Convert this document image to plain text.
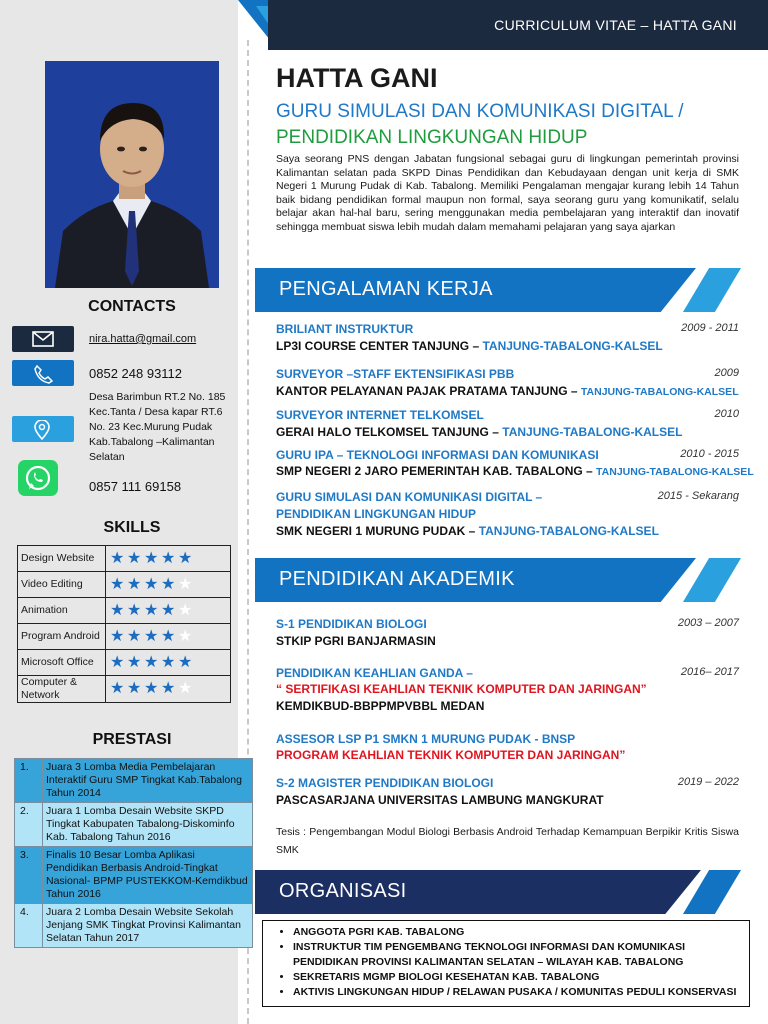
CONTACTS
nira.hatta@gmail.com
0852 248 93112
Desa Barimbun RT.2 No. 185 Kec.Tanta / Desa kapar RT.6 No. 23 Kec.Murung Pudak Kab.Tabalong –Kalimantan Selatan
0857 111 69158
SKILLS
Design Website	★ ★ ★ ★ ★
Video Editing	★ ★ ★ ★ ★
Animation	★ ★ ★ ★ ★
Program Android	★ ★ ★ ★ ★
Microsoft Office	★ ★ ★ ★ ★
Computer & Network	★ ★ ★ ★ ★
PRESTASI
1.	Juara 3 Lomba Media Pembelajaran Interaktif Guru SMP Tingkat Kab.Tabalong Tahun 2014
2.	Juara 1 Lomba Desain Website SKPD Tingkat Kabupaten Tabalong-Diskominfo Kab. Tabalong Tahun 2016
3.	Finalis 10 Besar Lomba Aplikasi Pendidikan Berbasis Android-Tingkat Nasional- BPMP PUSTEKKOM-Kemdikbud Tahun 2016
4.	Juara 2 Lomba Desain Website Sekolah Jenjang SMK Tingkat Provinsi Kalimantan Selatan Tahun 2017
CURRICULUM VITAE – HATTA GANI
HATTA GANI
GURU SIMULASI DAN KOMUNIKASI DIGITAL /
PENDIDIKAN LINGKUNGAN HIDUP
Saya seorang PNS dengan Jabatan fungsional sebagai guru di lingkungan pemerintah provinsi Kalimantan selatan pada SKPD Dinas Pendidikan dan Kebudayaan dengan unit kerja di SMK Negeri 1 Murung Pudak di Kab. Tabalong. Memiliki Pengalaman mengajar kurang lebih 14 Tahun baik bidang pendidikan formal maupun non formal, saya seorang guru yang komunikatif, selalu belajar akan hal-hal baru, sering menggunakan media pembelajaran yang interaktif dan inovatif sehingga membuat siswa lebih mudah dalam memahami pelajaran yang saya ajarkan
PENGALAMAN KERJA
BRILIANT INSTRUKTUR	2009 - 2011
LP3I COURSE CENTER TANJUNG – TANJUNG-TABALONG-KALSEL
SURVEYOR –STAFF EKTENSIFIKASI PBB	2009
KANTOR PELAYANAN PAJAK PRATAMA TANJUNG – TANJUNG-TABALONG-KALSEL
SURVEYOR INTERNET TELKOMSEL	2010
GERAI HALO TELKOMSEL TANJUNG – TANJUNG-TABALONG-KALSEL
GURU IPA – TEKNOLOGI INFORMASI DAN KOMUNIKASI	2010 - 2015
SMP NEGERI 2 JARO PEMERINTAH KAB. TABALONG – TANJUNG-TABALONG-KALSEL
GURU SIMULASI DAN KOMUNIKASI DIGITAL –
PENDIDIKAN LINGKUNGAN HIDUP
2015 - Sekarang
SMK NEGERI 1 MURUNG PUDAK – TANJUNG-TABALONG-KALSEL
PENDIDIKAN AKADEMIK
S-1 PENDIDIKAN BIOLOGI	2003 – 2007
STKIP PGRI BANJARMASIN
PENDIDIKAN KEAHLIAN GANDA –	2016– 2017
“ SERTIFIKASI KEAHLIAN TEKNIK KOMPUTER DAN JARINGAN”
KEMDIKBUD-BBPPMPVBBL MEDAN
ASSESOR LSP P1 SMKN 1 MURUNG PUDAK - BNSP
PROGRAM KEAHLIAN TEKNIK KOMPUTER DAN JARINGAN”
S-2 MAGISTER PENDIDIKAN BIOLOGI	2019 – 2022
PASCASARJANA UNIVERSITAS LAMBUNG MANGKURAT
Tesis : Pengembangan Modul Biologi Berbasis Android Terhadap Kemampuan Berpikir Kritis Siswa SMK
ORGANISASI
• ANGGOTA PGRI KAB. TABALONG
• INSTRUKTUR TIM PENGEMBANG TEKNOLOGI INFORMASI DAN KOMUNIKASI PENDIDIKAN PROVINSI KALIMANTAN SELATAN – WILAYAH KAB. TABALONG
• SEKRETARIS MGMP BIOLOGI KESEHATAN KAB. TABALONG
• AKTIVIS LINGKUNGAN HIDUP / RELAWAN PUSAKA / KOMUNITAS PEDULI KONSERVASI
